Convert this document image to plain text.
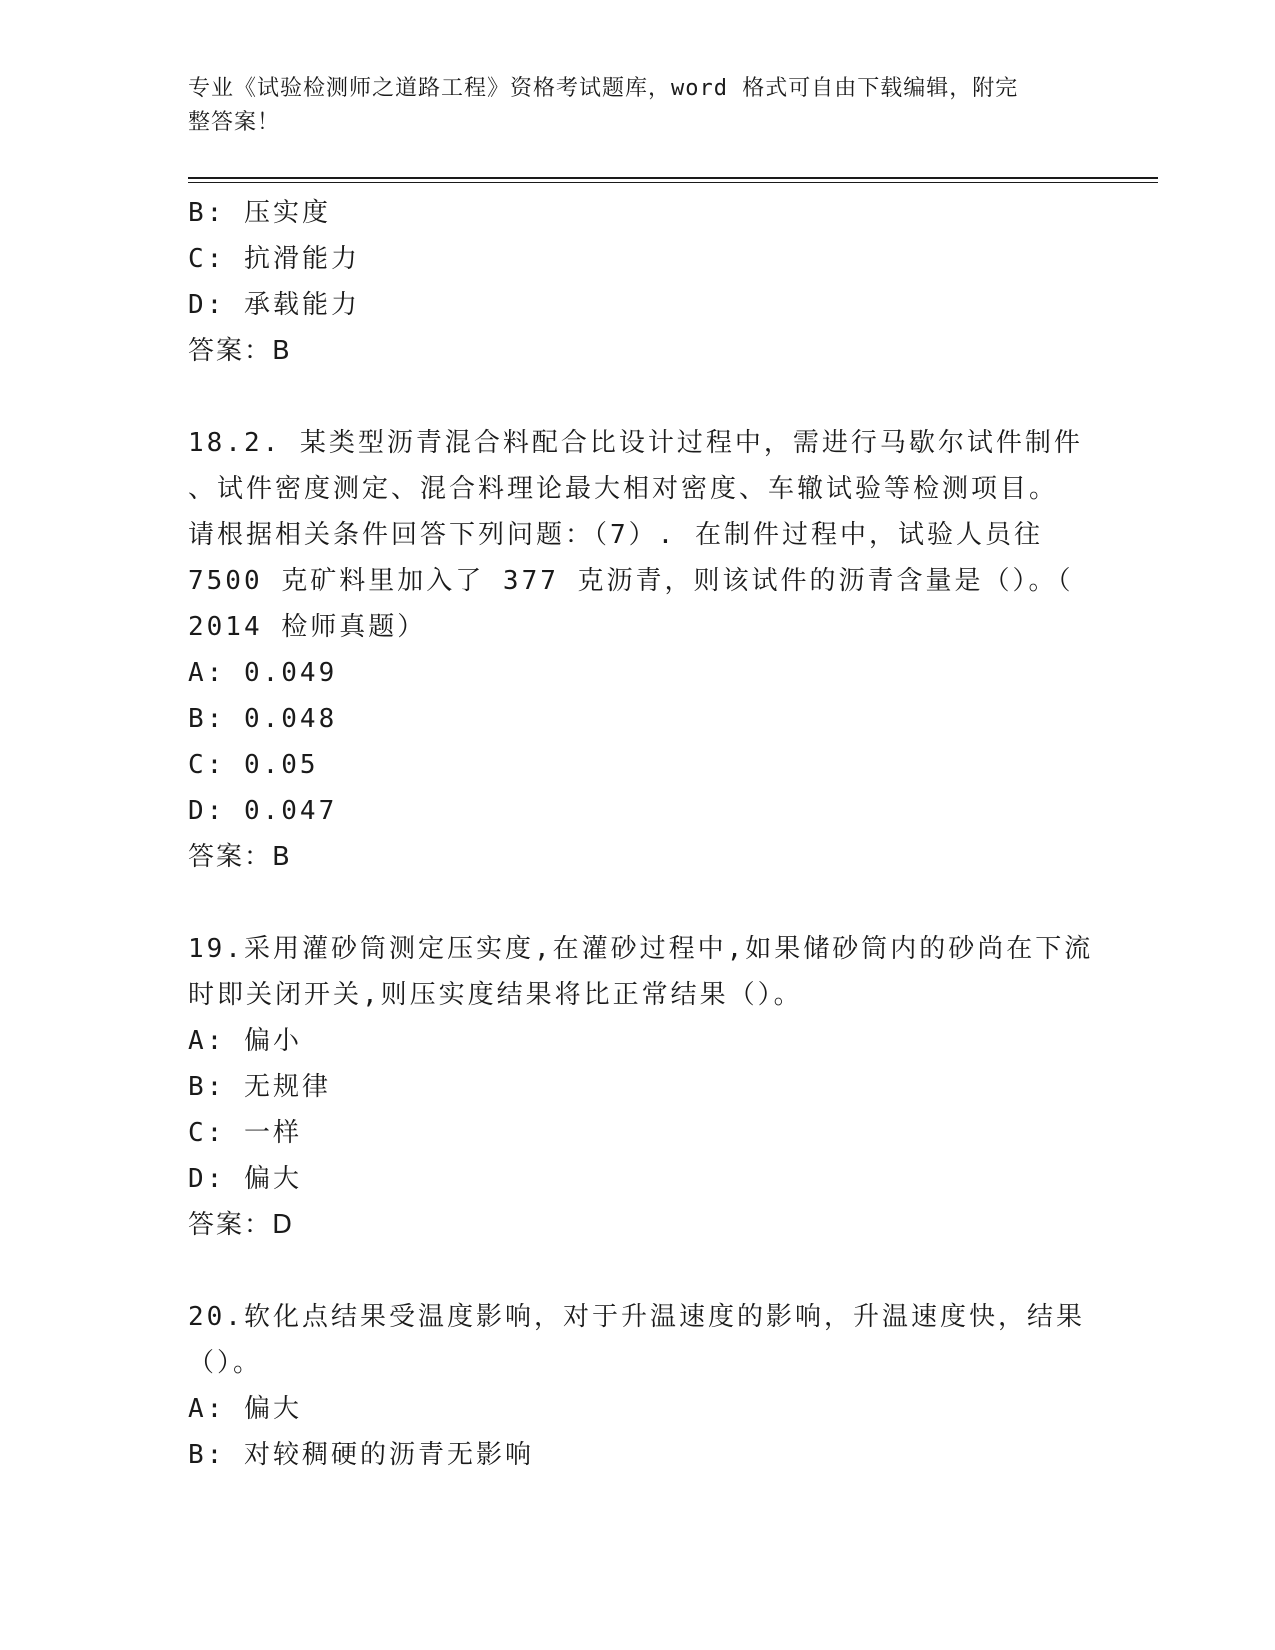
专业《试验检测师之道路工程》资格考试题库，word 格式可自由下载编辑，附完
整答案！
B: 压实度
C: 抗滑能力
D: 承载能力
答案：B
18.2. 某类型沥青混合料配合比设计过程中，需进行马歇尔试件制件
、试件密度测定、混合料理论最大相对密度、车辙试验等检测项目。
请根据相关条件回答下列问题：（7）. 在制件过程中，试验人员往
7500 克矿料里加入了 377 克沥青，则该试件的沥青含量是（）。（
2014 检师真题）
A: 0.049
B: 0.048
C: 0.05
D: 0.047
答案：B
19.采用灌砂筒测定压实度,在灌砂过程中,如果储砂筒内的砂尚在下流
时即关闭开关,则压实度结果将比正常结果（）。
A: 偏小
B: 无规律
C: 一样
D: 偏大
答案：D
20.软化点结果受温度影响，对于升温速度的影响，升温速度快，结果
（）。
A: 偏大
B: 对较稠硬的沥青无影响
